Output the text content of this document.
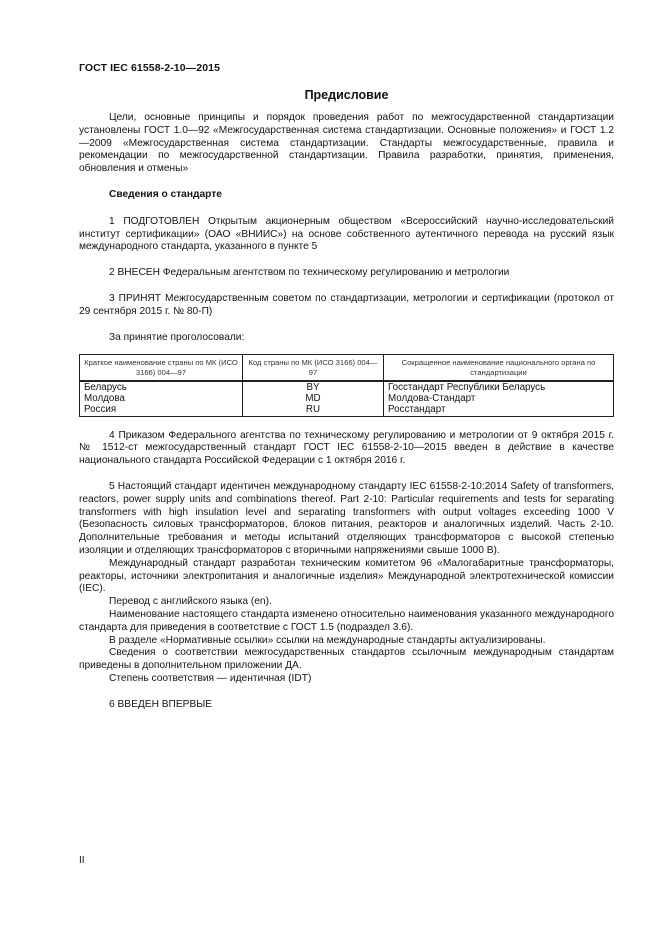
ГОСТ IEC 61558-2-10—2015
Предисловие

Цели, основные принципы и порядок проведения работ по межгосударственной стандартизации установлены ГОСТ 1.0—92 «Межгосударственная система стандартизации. Основные положения» и ГОСТ 1.2—2009 «Межгосударственная система стандартизации. Стандарты межгосударственные, правила и рекомендации по межгосударственной стандартизации. Правила разработки, принятия, применения, обновления и отмены»

Сведения о стандарте

1 ПОДГОТОВЛЕН Открытым акционерным обществом «Всероссийский научно-исследовательский институт сертификации» (ОАО «ВНИИС») на основе собственного аутентичного перевода на русский язык международного стандарта, указанного в пункте 5

2 ВНЕСЕН Федеральным агентством по техническому регулированию и метрологии

3 ПРИНЯТ Межгосударственным советом по стандартизации, метрологии и сертификации (протокол от 29 сентября 2015 г. № 80-П)

За принятие проголосовали:

Краткое наименование страны по МК (ИСО 3166) 004—97	Код страны по МК (ИСО 3166) 004—97	Сокращенное наименование национального органа по стандартизации
Беларусь	BY	Госстандарт Республики Беларусь
Молдова	MD	Молдова-Стандарт
Россия	RU	Росстандарт

4 Приказом Федерального агентства по техническому регулированию и метрологии от 9 октября 2015 г. № 1512-ст межгосударственный стандарт ГОСТ IEC 61558-2-10—2015 введен в действие в качестве национального стандарта Российской Федерации с 1 октября 2016 г.

5 Настоящий стандарт идентичен международному стандарту IEC 61558-2-10:2014 Safety of transformers, reactors, power supply units and combinations thereof. Part 2-10: Particular requirements and tests for separating transformers with high insulation level and separating transformers with output voltages exceeding 1000 V (Безопасность силовых трансформаторов, блоков питания, реакторов и аналогичных изделий. Часть 2-10. Дополнительные требования и методы испытаний отделяющих трансформаторов с высокой степенью изоляции и отделяющих трансформаторов с вторичными напряжениями свыше 1000 В).

Международный стандарт разработан техническим комитетом 96 «Малогабаритные трансформаторы, реакторы, источники электропитания и аналогичные изделия» Международной электротехнической комиссии (IEC).

Перевод с английского языка (en).

Наименование настоящего стандарта изменено относительно наименования указанного международного стандарта для приведения в соответствие с ГОСТ 1.5 (подраздел 3.6).

В разделе «Нормативные ссылки» ссылки на международные стандарты актуализированы.

Сведения о соответствии межгосударственных стандартов ссылочным международным стандартам приведены в дополнительном приложении ДА.

Степень соответствия — идентичная (IDT)

6 ВВЕДЕН ВПЕРВЫЕ

II
